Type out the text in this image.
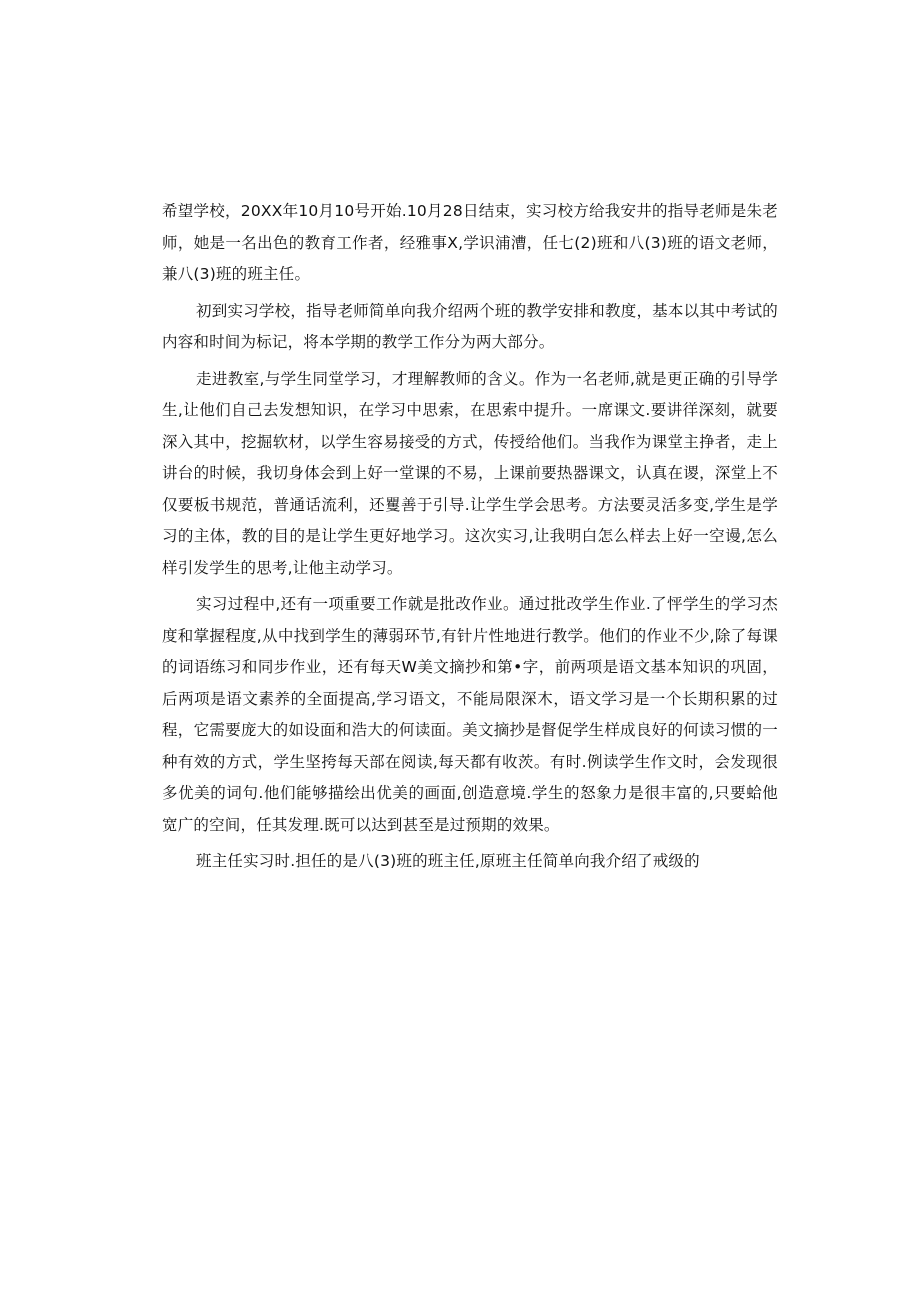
希望学校，20XX年10月10号开始.10月28日结束，实习校方给我安井的指导老师是朱老师，她是一名出色的教育工作者，经雅事X,学识浦漕，任七(2)班和八(3)班的语文老师，兼八(3)班的班主任。

初到实习学校，指导老师简单向我介绍两个班的教学安排和教度，基本以其中考试的内容和时间为标记，将本学期的教学工作分为两大部分。

走进教室,与学生同堂学习，才理解教师的含义。作为一名老师,就是更正确的引导学生,让他们自己去发想知识，在学习中思索，在思索中提升。一席课文.要讲徉深刻，就要深入其中，挖掘软材，以学生容易接受的方式，传授给他们。当我作为课堂主挣者，走上讲台的时候，我切身体会到上好一堂课的不易，上课前要热器课文，认真在谡，深堂上不仅要板书规范，普通话流利，还矍善于引导.让学生学会思考。方法要灵活多变,学生是学习的主体，教的目的是让学生更好地学习。这次实习,让我明白怎么样去上好一空谩,怎么样引发学生的思考,让他主动学习。

实习过程中,还有一项重要工作就是批改作业。通过批改学生作业.了怦学生的学习杰度和掌握程度,从中找到学生的薄弱环节,有针片性地进行教学。他们的作业不少,除了每课的词语练习和同步作业，还有每天W美文摘抄和第•字，前两项是语文基本知识的巩固，后两项是语文素养的全面提高,学习语文，不能局限深木，语文学习是一个长期积累的过程，它需要庞大的如设面和浩大的何读面。美文摘抄是督促学生样成良好的何读习惯的一种有效的方式，学生坚挎每天部在阅读,每天都有收茨。有时.例读学生作文时，会发现很多优美的词句.他们能够描绘出优美的画面,创造意境.学生的怒象力是很丰富的,只要蛤他宽广的空间，任其发理.既可以达到甚至是过预期的效果。

班主任实习时.担任的是八(3)班的班主任,原班主任简单向我介绍了戒级的
